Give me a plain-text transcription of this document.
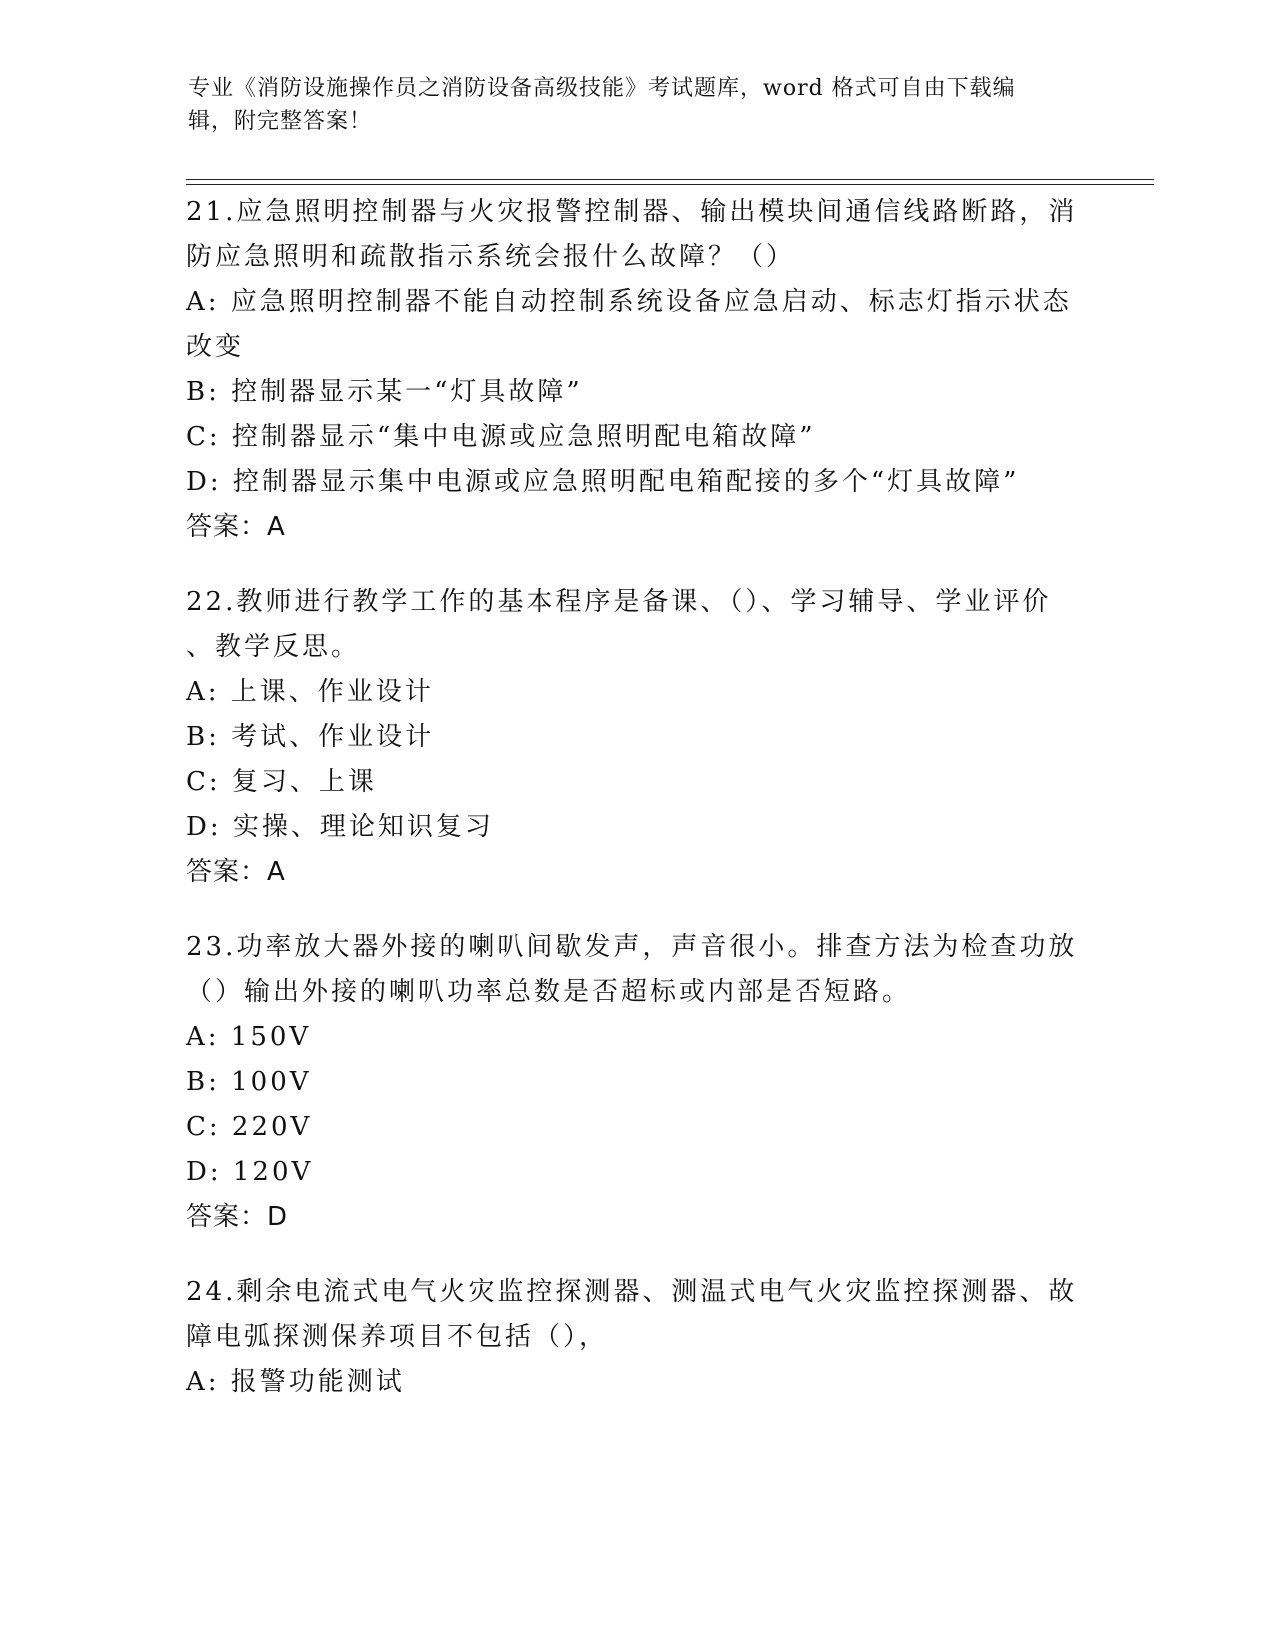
专业《消防设施操作员之消防设备高级技能》考试题库，word 格式可自由下载编
辑，附完整答案！

21.应急照明控制器与火灾报警控制器、输出模块间通信线路断路，消

防应急照明和疏散指示系统会报什么故障？（）

A: 应急照明控制器不能自动控制系统设备应急启动、标志灯指示状态

改变

B: 控制器显示某一“灯具故障”

C: 控制器显示“集中电源或应急照明配电箱故障”

D: 控制器显示集中电源或应急照明配电箱配接的多个“灯具故障”

答案：A

22.教师进行教学工作的基本程序是备课、（）、学习辅导、学业评价

、教学反思。

A: 上课、作业设计

B: 考试、作业设计

C: 复习、上课

D: 实操、理论知识复习

答案：A

23.功率放大器外接的喇叭间歇发声，声音很小。排查方法为检查功放

（）输出外接的喇叭功率总数是否超标或内部是否短路。

A: 150V

B: 100V

C: 220V

D: 120V

答案：D

24.剩余电流式电气火灾监控探测器、测温式电气火灾监控探测器、故

障电弧探测保养项目不包括（），

A: 报警功能测试
